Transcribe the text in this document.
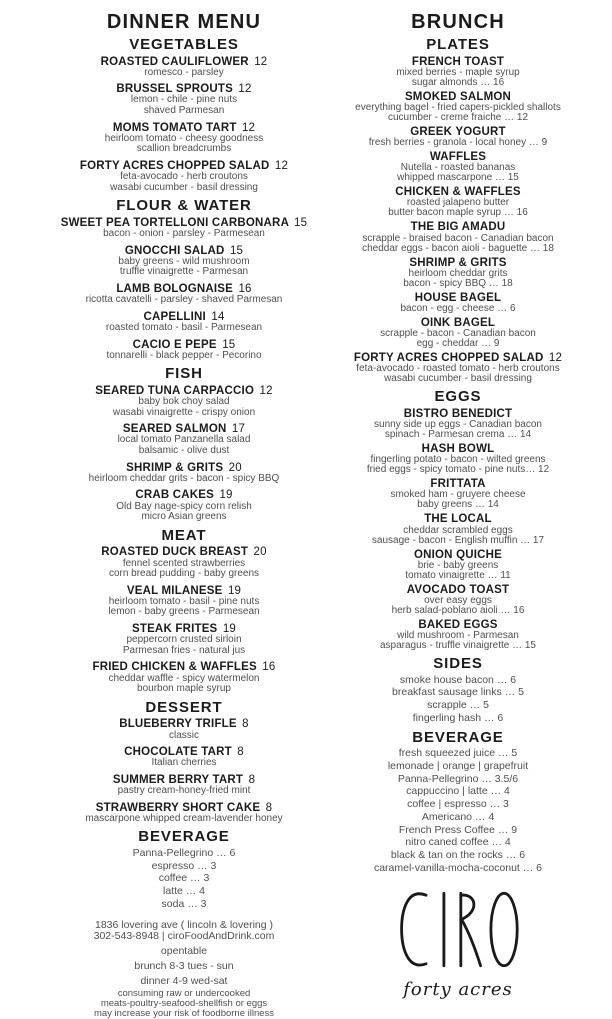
DINNER MENU
VEGETABLES
ROASTED CAULIFLOWER 12
romesco - parsley
BRUSSEL SPROUTS 12
lemon - chile - pine nuts
shaved Parmesan
MOMS TOMATO TART 12
heirloom tomato - cheesy goodness
scallion breadcrumbs
FORTY ACRES CHOPPED SALAD 12
feta-avocado - herb croutons
wasabi cucumber - basil dressing
FLOUR & WATER
SWEET PEA TORTELLONI CARBONARA 15
bacon - onion - parsley - Parmesean
GNOCCHI SALAD 15
baby greens - wild mushroom
truffle vinaigrette - Parmesan
LAMB BOLOGNAISE 16
ricotta cavatelli - parsley - shaved Parmesan
CAPELLINI 14
roasted tomato - basil - Parmesean
CACIO E PEPE 15
tonnarelli - black pepper - Pecorino
FISH
SEARED TUNA CARPACCIO 12
baby bok choy salad
wasabi vinaigrette - crispy onion
SEARED SALMON 17
local tomato Panzanella salad
balsamic - olive dust
SHRIMP & GRITS 20
heirloom cheddar grits - bacon - spicy BBQ
CRAB CAKES 19
Old Bay nage-spicy corn relish
micro Asian greens
MEAT
ROASTED DUCK BREAST 20
fennel scented strawberries
corn bread pudding - baby greens
VEAL MILANESE 19
heirloom tomato - basil - pine nuts
lemon - baby greens - Parmesean
STEAK FRITES 19
peppercorn crusted sirloin
Parmesan fries - natural jus
FRIED CHICKEN & WAFFLES 16
cheddar waffle - spicy watermelon
bourbon maple syrup
DESSERT
BLUEBERRY TRIFLE 8
classic
CHOCOLATE TART 8
Italian cherries
SUMMER BERRY TART 8
pastry cream-honey-fried mint
STRAWBERRY SHORT CAKE 8
mascarpone whipped cream-lavender honey
BEVERAGE
Panna-Pellegrino … 6
espresso … 3
coffee … 3
latte … 4
soda … 3
1836 lovering ave ( lincoln & lovering )
302-543-8948 | ciroFoodAndDrink.com
opentable
brunch 8-3 tues - sun
dinner 4-9 wed-sat
consuming raw or undercooked
meats-poultry-seafood-shellfish or eggs
may increase your risk of foodborne illness
BRUNCH
PLATES
FRENCH TOAST
mixed berries - maple syrup
sugar almonds … 16
SMOKED SALMON
everything bagel - fried capers-pickled shallots
cucumber - creme fraiche … 12
GREEK YOGURT
fresh berries - granola - local honey … 9
WAFFLES
Nutella - roasted bananas
whipped mascarpone … 15
CHICKEN & WAFFLES
roasted jalapeno butter
butter bacon maple syrup … 16
THE BIG AMADU
scrapple - braised bacon - Canadian bacon
cheddar eggs - bacon aioli - baguette … 18
SHRIMP & GRITS
heirloom cheddar grits
bacon - spicy BBQ … 18
HOUSE BAGEL
bacon - egg - cheese … 6
OINK BAGEL
scrapple - bacon - Canadian bacon
egg - cheddar … 9
FORTY ACRES CHOPPED SALAD 12
feta-avocado - roasted tomato - herb croutons
wasabi cucumber - basil dressing
EGGS
BISTRO BENEDICT
sunny side up eggs - Canadian bacon
spinach - Parmesan crema … 14
HASH BOWL
fingerling potato - bacon - wilted greens
fried eggs - spicy tomato - pine nuts… 12
FRITTATA
smoked ham - gruyere cheese
baby greens … 14
THE LOCAL
cheddar scrambled eggs
sausage - bacon - English muffin … 17
ONION QUICHE
brie - baby greens
tomato vinaigrette … 11
AVOCADO TOAST
over easy eggs
herb salad-poblano aioli … 16
BAKED EGGS
wild mushroom - Parmesan
asparagus - truffle vinaigrette … 15
SIDES
smoke house bacon … 6
breakfast sausage links … 5
scrapple … 5
fingerling hash … 6
BEVERAGE
fresh squeezed juice … 5
lemonade | orange | grapefruit
Panna-Pellegrino … 3.5/6
cappuccino | latte … 4
coffee | espresso … 3
Americano … 4
French Press Coffee … 9
nitro caned coffee … 4
black & tan on the rocks … 6
caramel-vanilla-mocha-coconut … 6
forty acres
